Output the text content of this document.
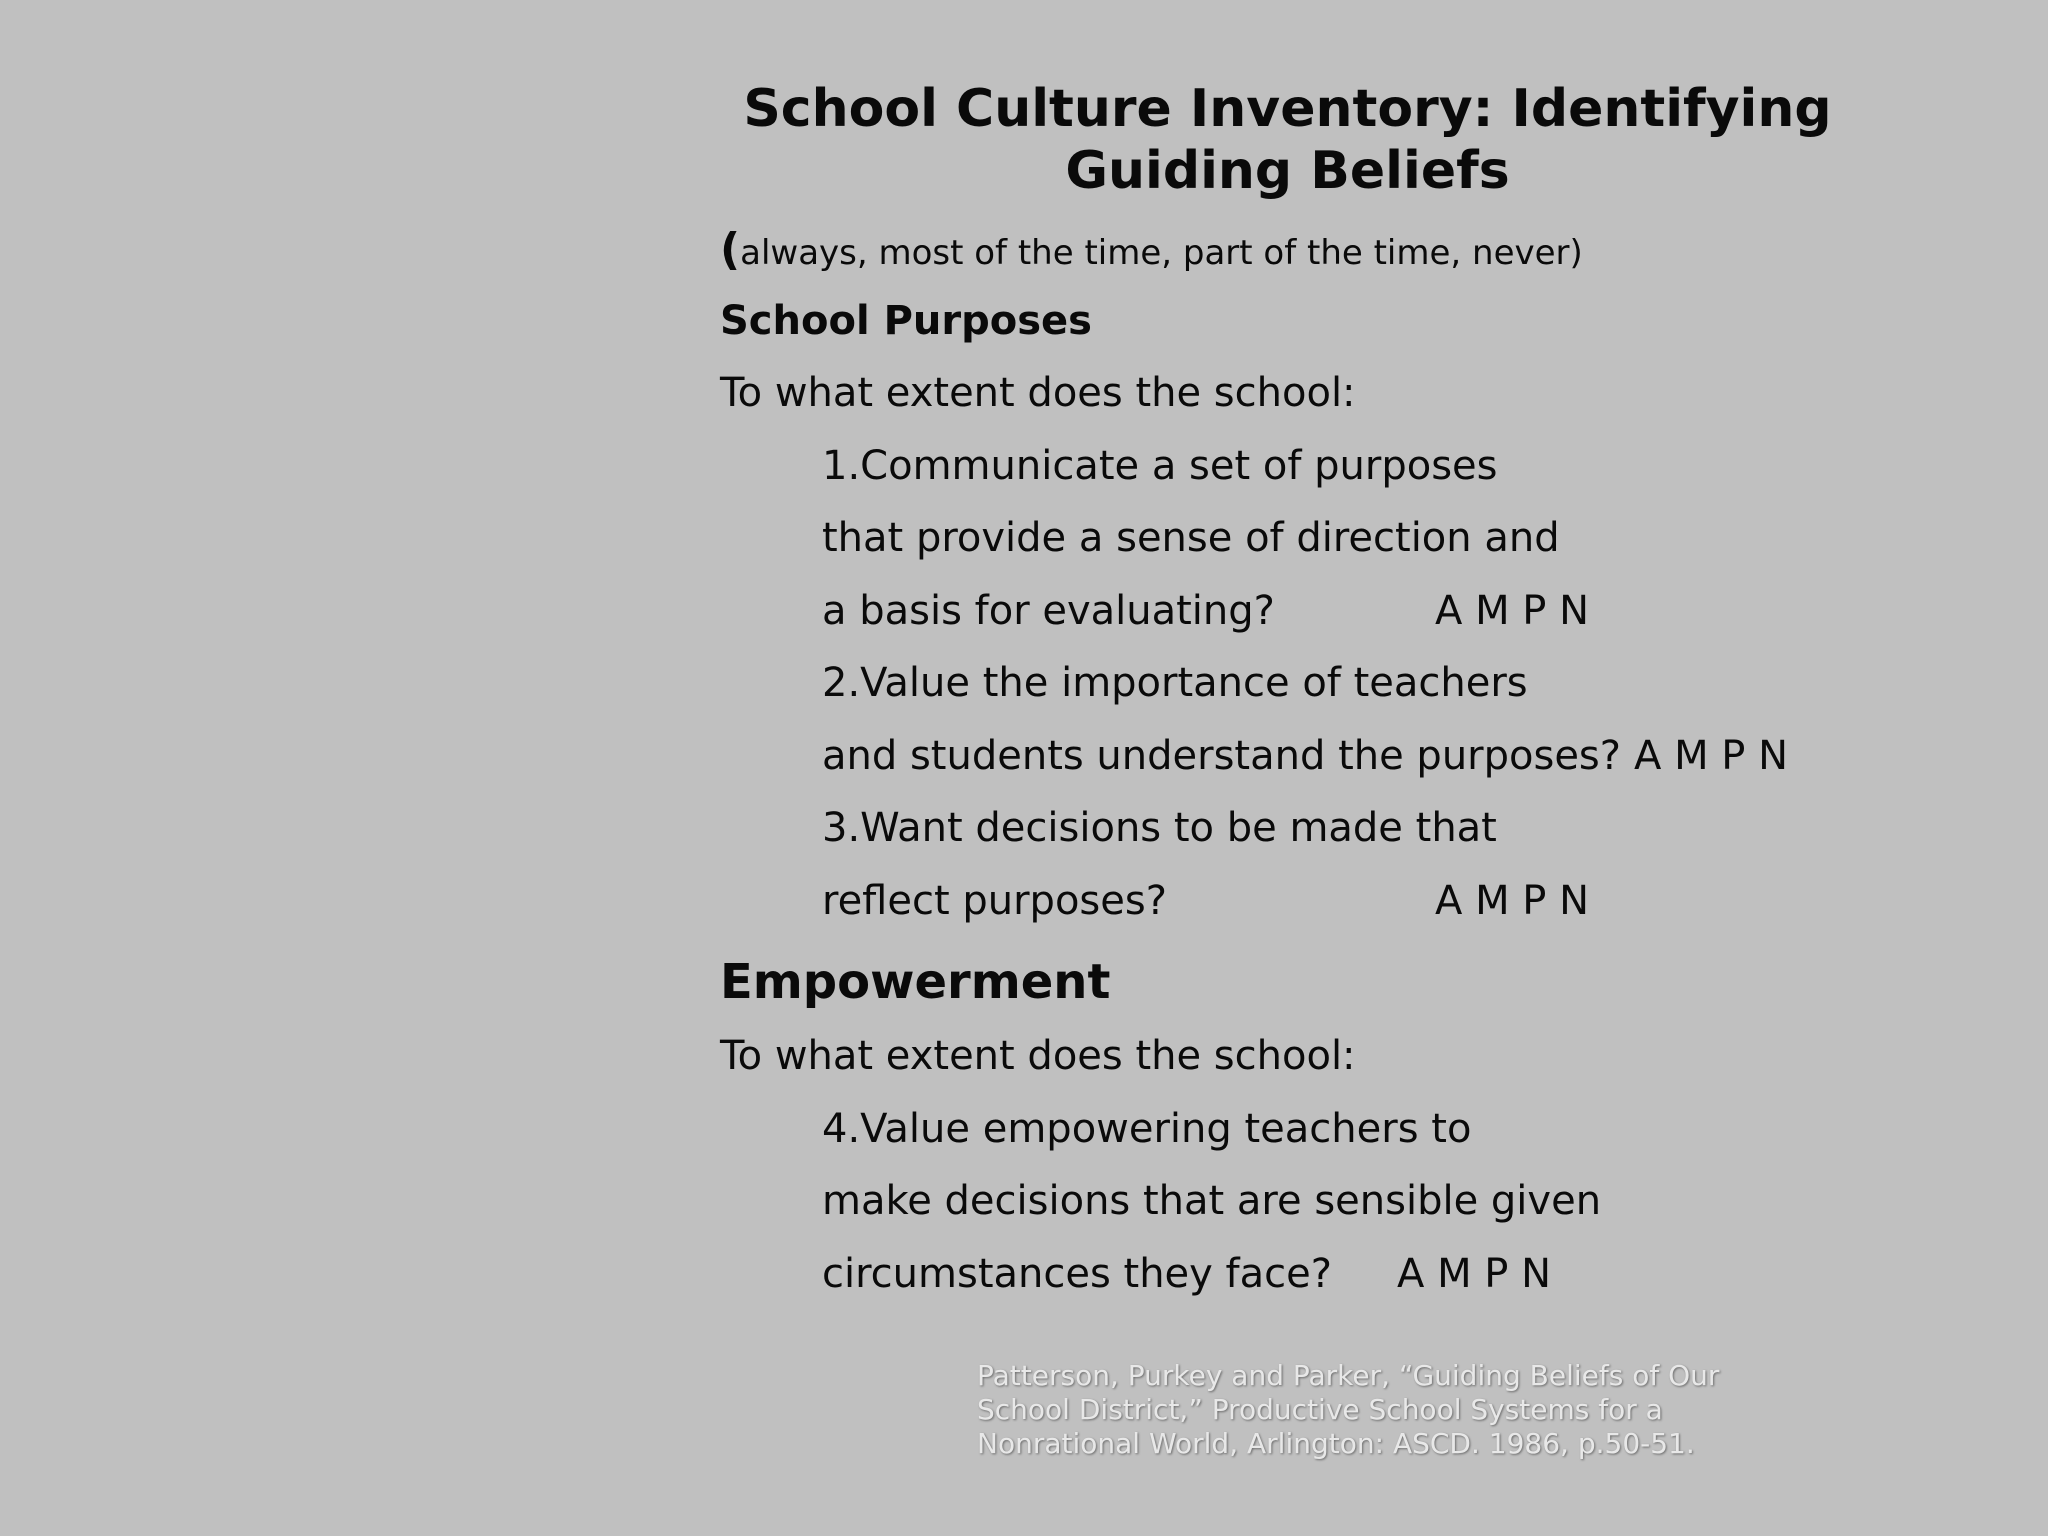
School Culture Inventory: Identifying Guiding Beliefs
(always, most of the time, part of the time, never)
School Purposes
To what extent does the school:
1.Communicate a set of purposes
that provide a sense of direction and
a basis for evaluating?	A M P N
2.Value the importance of teachers
and students understand the purposes? A M P N
3.Want decisions to be made that
reflect purposes?	A M P N
Empowerment
To what extent does the school:
4.Value empowering teachers to
make decisions that are sensible given
circumstances they face? A M P N
Patterson, Purkey and Parker, “Guiding Beliefs of Our
School District,” Productive School Systems for a
Nonrational World, Arlington: ASCD. 1986, p.50-51.
